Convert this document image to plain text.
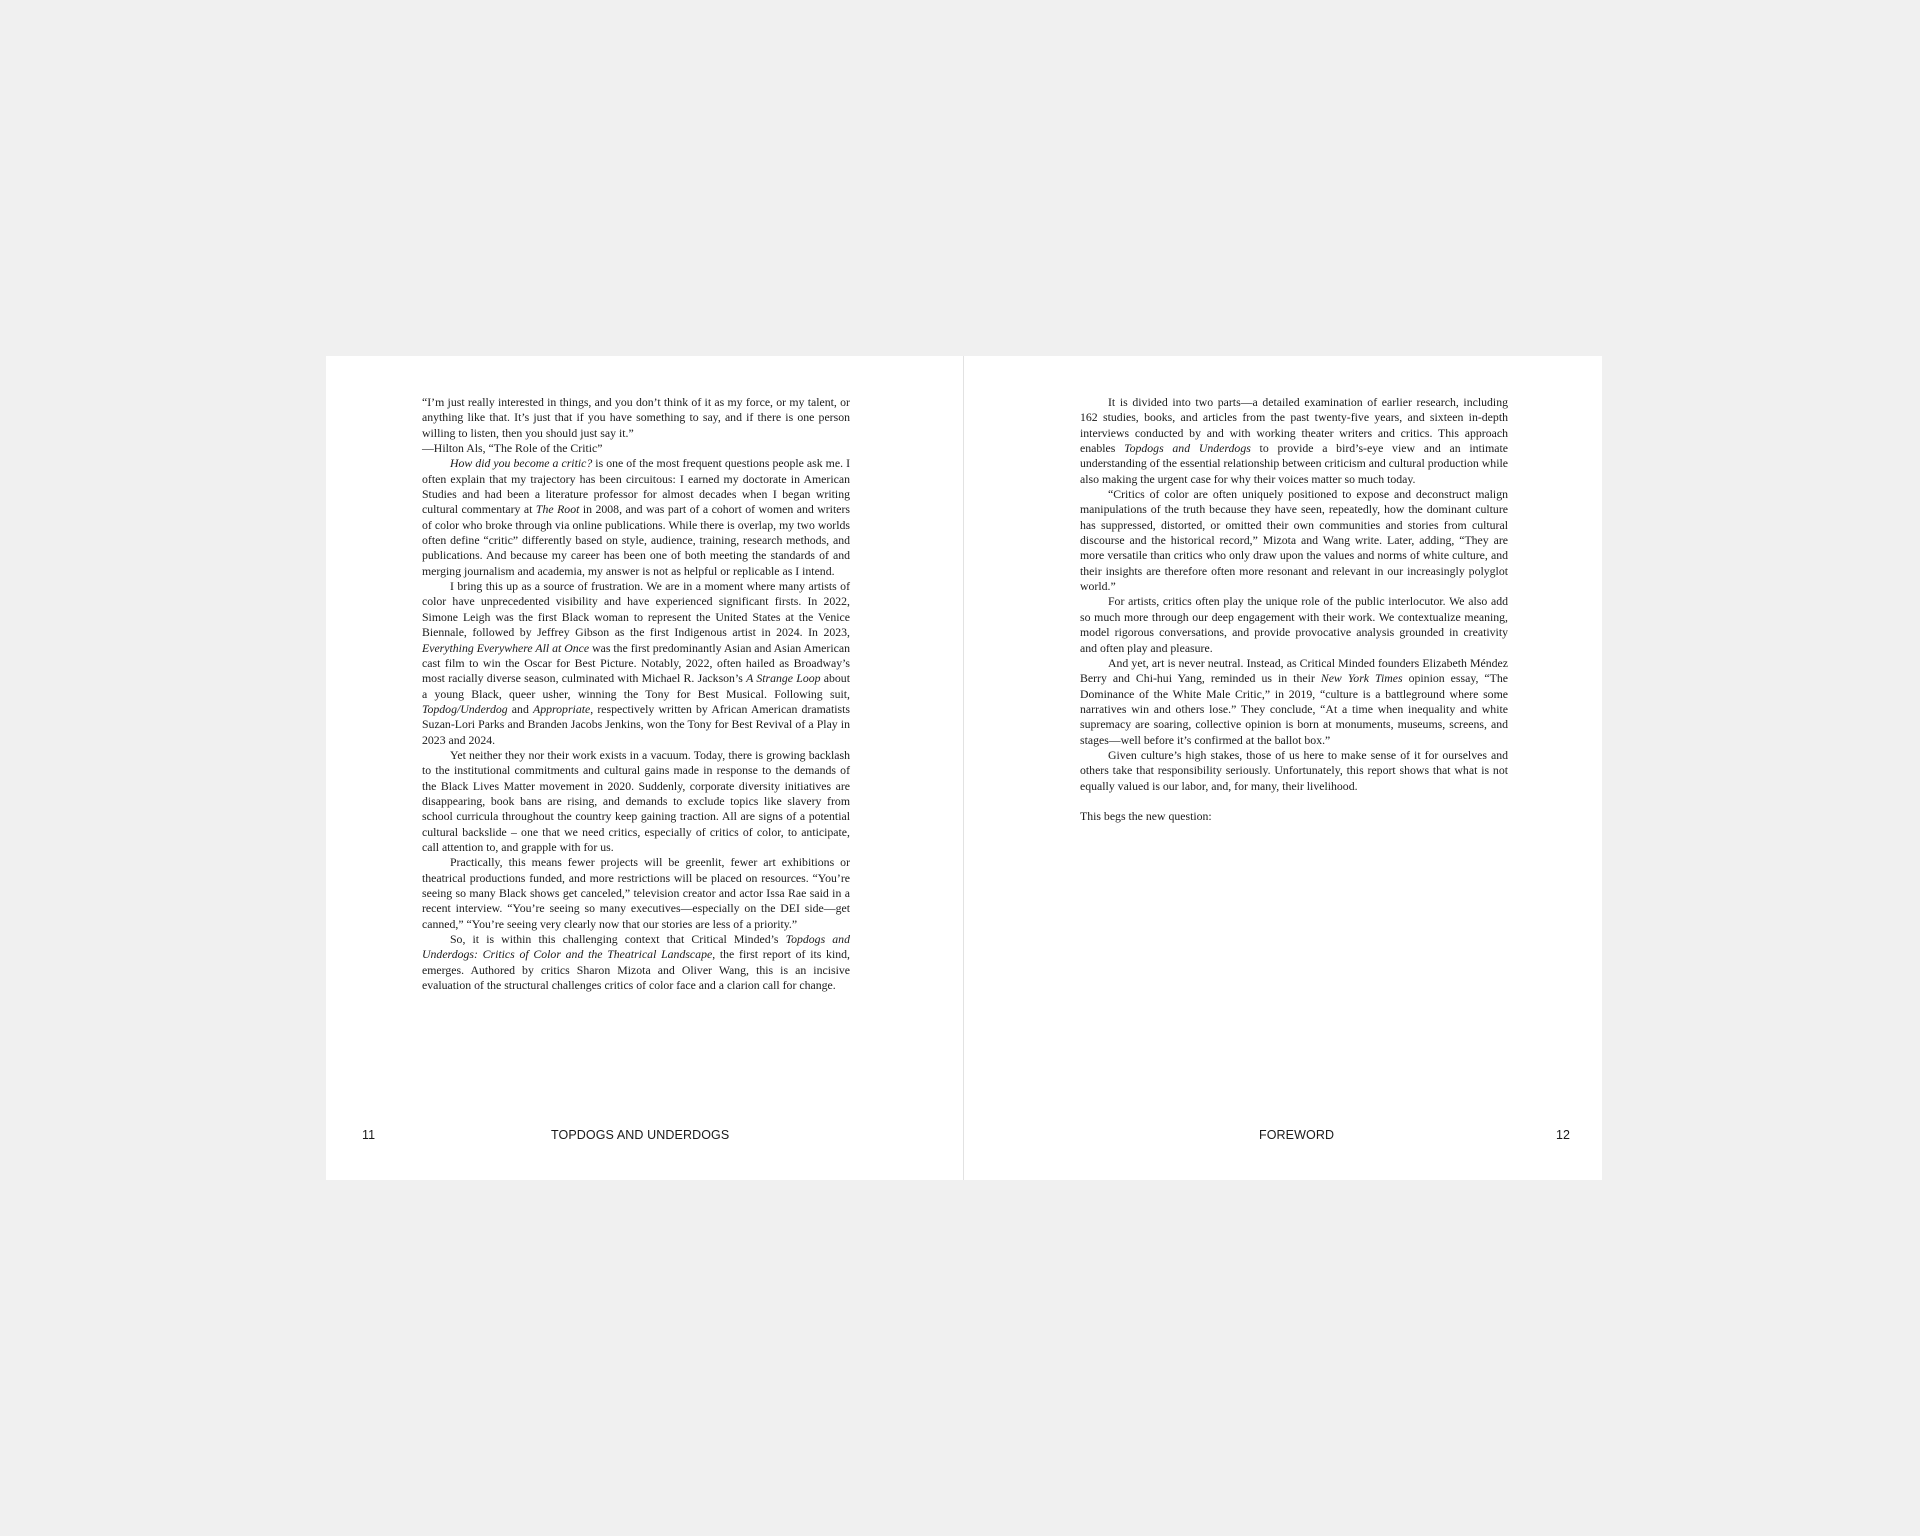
“I’m just really interested in things, and you don’t think of it as my force, or my talent, or anything like that. It’s just that if you have something to say, and if there is one person willing to listen, then you should just say it.”

—Hilton Als, “The Role of the Critic”

How did you become a critic? is one of the most frequent questions people ask me. I often explain that my trajectory has been circuitous: I earned my doctorate in American Studies and had been a literature professor for almost decades when I began writing cultural commentary at The Root in 2008, and was part of a cohort of women and writers of color who broke through via online publications. While there is overlap, my two worlds often define “critic” differently based on style, audience, training, research methods, and publications. And because my career has been one of both meeting the standards of and merging journalism and academia, my answer is not as helpful or replicable as I intend.

I bring this up as a source of frustration. We are in a moment where many artists of color have unprecedented visibility and have experienced significant firsts. In 2022, Simone Leigh was the first Black woman to represent the United States at the Venice Biennale, followed by Jeffrey Gibson as the first Indigenous artist in 2024. In 2023, Everything Everywhere All at Once was the first predominantly Asian and Asian American cast film to win the Oscar for Best Picture. Notably, 2022, often hailed as Broadway’s most racially diverse season, culminated with Michael R. Jackson’s A Strange Loop about a young Black, queer usher, winning the Tony for Best Musical. Following suit, Topdog/Underdog and Appropriate, respectively written by African American dramatists Suzan-Lori Parks and Branden Jacobs Jenkins, won the Tony for Best Revival of a Play in 2023 and 2024.

Yet neither they nor their work exists in a vacuum. Today, there is growing backlash to the institutional commitments and cultural gains made in response to the demands of the Black Lives Matter movement in 2020. Suddenly, corporate diversity initiatives are disappearing, book bans are rising, and demands to exclude topics like slavery from school curricula throughout the country keep gaining traction. All are signs of a potential cultural backslide – one that we need critics, especially of critics of color, to anticipate, call attention to, and grapple with for us.

Practically, this means fewer projects will be greenlit, fewer art exhibitions or theatrical productions funded, and more restrictions will be placed on resources. “You’re seeing so many Black shows get canceled,” television creator and actor Issa Rae said in a recent interview. “You’re seeing so many executives—especially on the DEI side—get canned,” “You’re seeing very clearly now that our stories are less of a priority.”

So, it is within this challenging context that Critical Minded’s Topdogs and Underdogs: Critics of Color and the Theatrical Landscape, the first report of its kind, emerges. Authored by critics Sharon Mizota and Oliver Wang, this is an incisive evaluation of the structural challenges critics of color face and a clarion call for change.

11	TOPDOGS AND UNDERDOGS

It is divided into two parts—a detailed examination of earlier research, including 162 studies, books, and articles from the past twenty-five years, and sixteen in-depth interviews conducted by and with working theater writers and critics. This approach enables Topdogs and Underdogs to provide a bird’s-eye view and an intimate understanding of the essential relationship between criticism and cultural production while also making the urgent case for why their voices matter so much today.

“Critics of color are often uniquely positioned to expose and deconstruct malign manipulations of the truth because they have seen, repeatedly, how the dominant culture has suppressed, distorted, or omitted their own communities and stories from cultural discourse and the historical record,” Mizota and Wang write. Later, adding, “They are more versatile than critics who only draw upon the values and norms of white culture, and their insights are therefore often more resonant and relevant in our increasingly polyglot world.”

For artists, critics often play the unique role of the public interlocutor. We also add so much more through our deep engagement with their work. We contextualize meaning, model rigorous conversations, and provide provocative analysis grounded in creativity and often play and pleasure.

And yet, art is never neutral. Instead, as Critical Minded founders Elizabeth Méndez Berry and Chi-hui Yang, reminded us in their New York Times opinion essay, “The Dominance of the White Male Critic,” in 2019, “culture is a battleground where some narratives win and others lose.” They conclude, “At a time when inequality and white supremacy are soaring, collective opinion is born at monuments, museums, screens, and stages—well before it’s confirmed at the ballot box.”

Given culture’s high stakes, those of us here to make sense of it for ourselves and others take that responsibility seriously. Unfortunately, this report shows that what is not equally valued is our labor, and, for many, their livelihood.

This begs the new question:

FOREWORD	12
